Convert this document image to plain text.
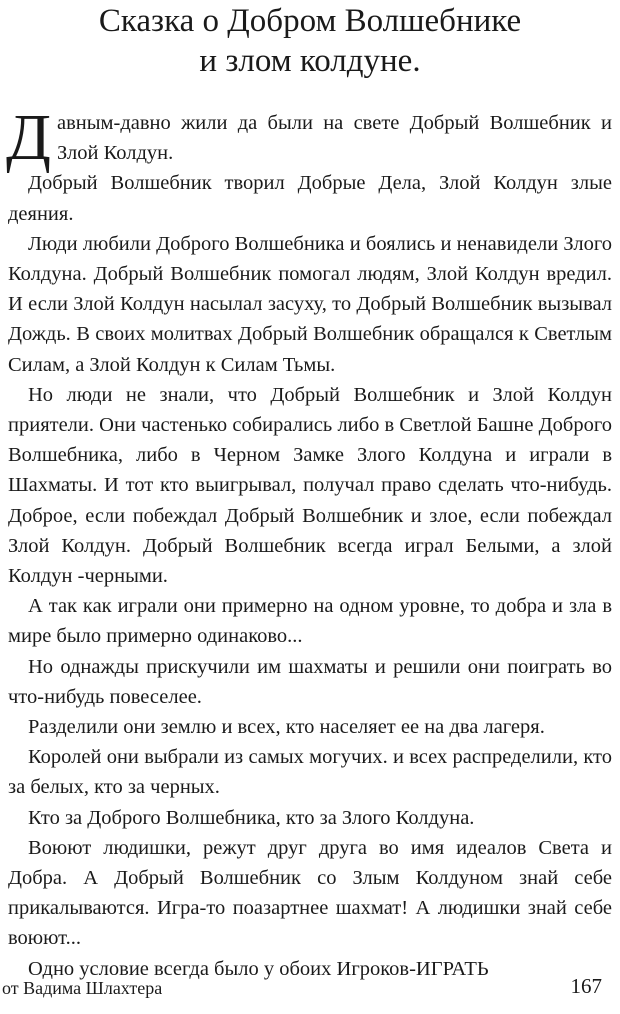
Сказка о Добром Волшебнике
и злом колдуне.

Давным-давно жили да были на свете Добрый Волшебник и Злой Колдун.

Добрый Волшебник творил Добрые Дела, Злой Колдун злые деяния.

Люди любили Доброго Волшебника и боялись и ненавидели Злого Колдуна. Добрый Волшебник помогал людям, Злой Колдун вредил. И если Злой Колдун насылал засуху, то Добрый Волшебник вызывал Дождь. В своих молитвах Добрый Волшебник обращался к Светлым Силам, а Злой Колдун к Силам Тьмы.

Но люди не знали, что Добрый Волшебник и Злой Колдун приятели. Они частенько собирались либо в Светлой Башне Доброго Волшебника, либо в Черном Замке Злого Колдуна и играли в Шахматы. И тот кто выигрывал, получал право сделать что-нибудь. Доброе, если побеждал Добрый Волшебник и злое, если побеждал Злой Колдун. Добрый Волшебник всегда играл Белыми, а злой Колдун -черными.

А так как играли они примерно на одном уровне, то добра и зла в мире было примерно одинаково...

Но однажды прискучили им шахматы и решили они поиграть во что-нибудь повеселее.

Разделили они землю и всех, кто населяет ее на два лагеря.

Королей они выбрали из самых могучих. и всех распределили, кто за белых, кто за черных.

Кто за Доброго Волшебника, кто за Злого Колдуна.

Воюют людишки, режут друг друга во имя идеалов Света и Добра. А Добрый Волшебник со Злым Колдуном знай себе прикалываются. Игра-то поазартнее шахмат! А людишки знай себе воюют...

Одно условие всегда было у обоих Игроков-ИГРАТЬ

от Вадима Шлахтера	167
